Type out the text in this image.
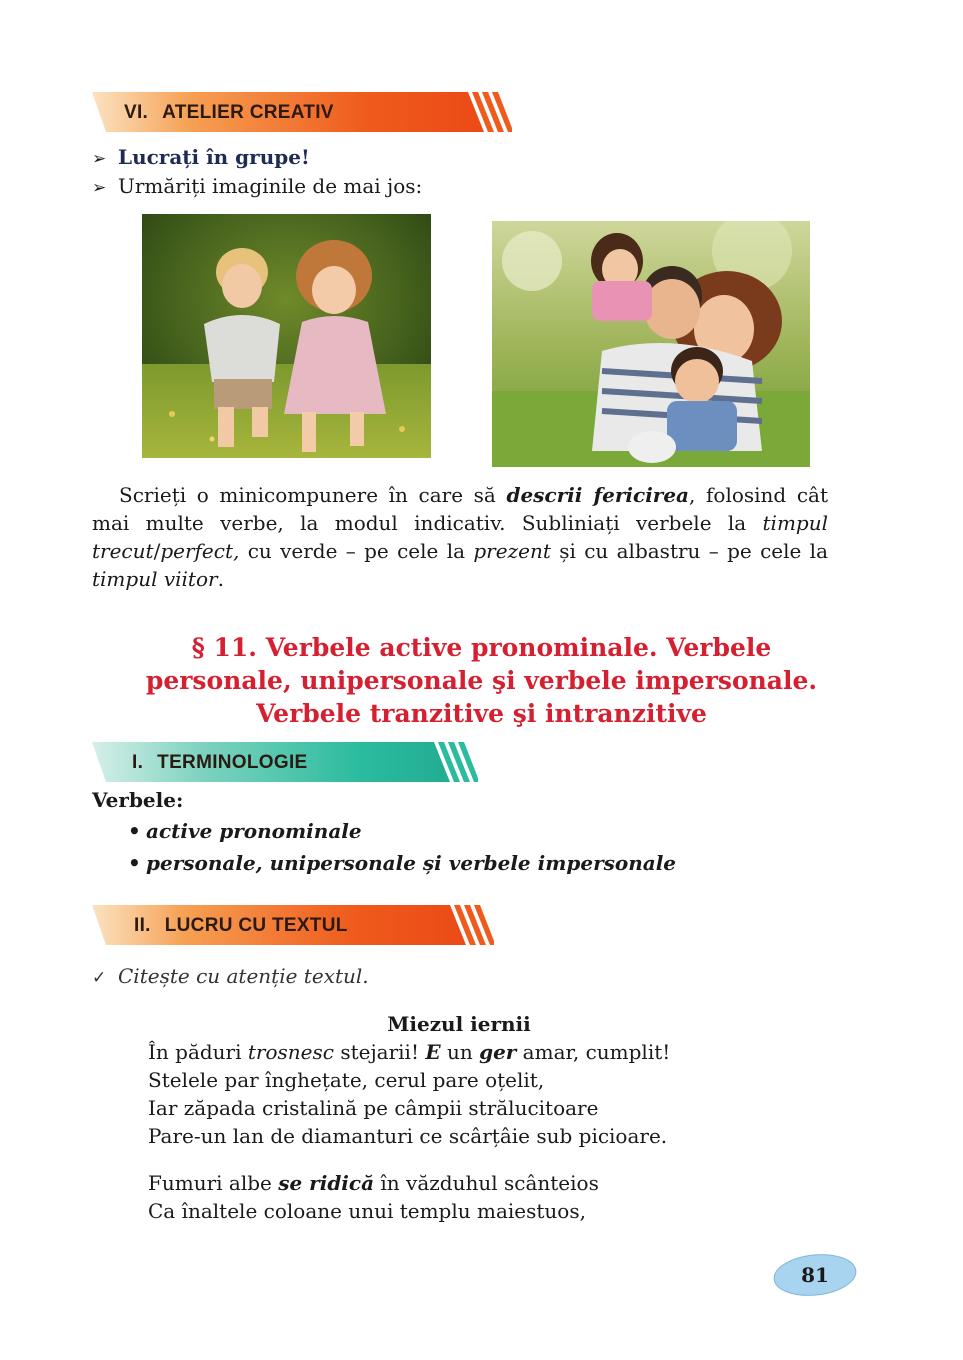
VI. ATELIER CREATIV
➢ Lucrați în grupe!
➢ Urmăriți imaginile de mai jos:
Scrieți o minicompunere în care să descrii fericirea, folosind cât mai multe verbe, la modul indicativ. Subliniați verbele la timpul trecut/perfect, cu verde – pe cele la prezent și cu albastru – pe cele la timpul viitor.
§ 11. Verbele active pronominale. Verbele
personale, unipersonale şi verbele impersonale.
Verbele tranzitive şi intranzitive
I. TERMINOLOGIE
Verbele:
• active pronominale
• personale, unipersonale și verbele impersonale
II. LUCRU CU TEXTUL
✓ Citește cu atenție textul.
Miezul iernii
În păduri trosnesc stejarii! E un ger amar, cumplit!
Stelele par înghețate, cerul pare oțelit,
Iar zăpada cristalină pe câmpii strălucitoare
Pare-un lan de diamanturi ce scârțâie sub picioare.
Fumuri albe se ridică în văzduhul scânteios
Ca înaltele coloane unui templu maiestuos,
81
